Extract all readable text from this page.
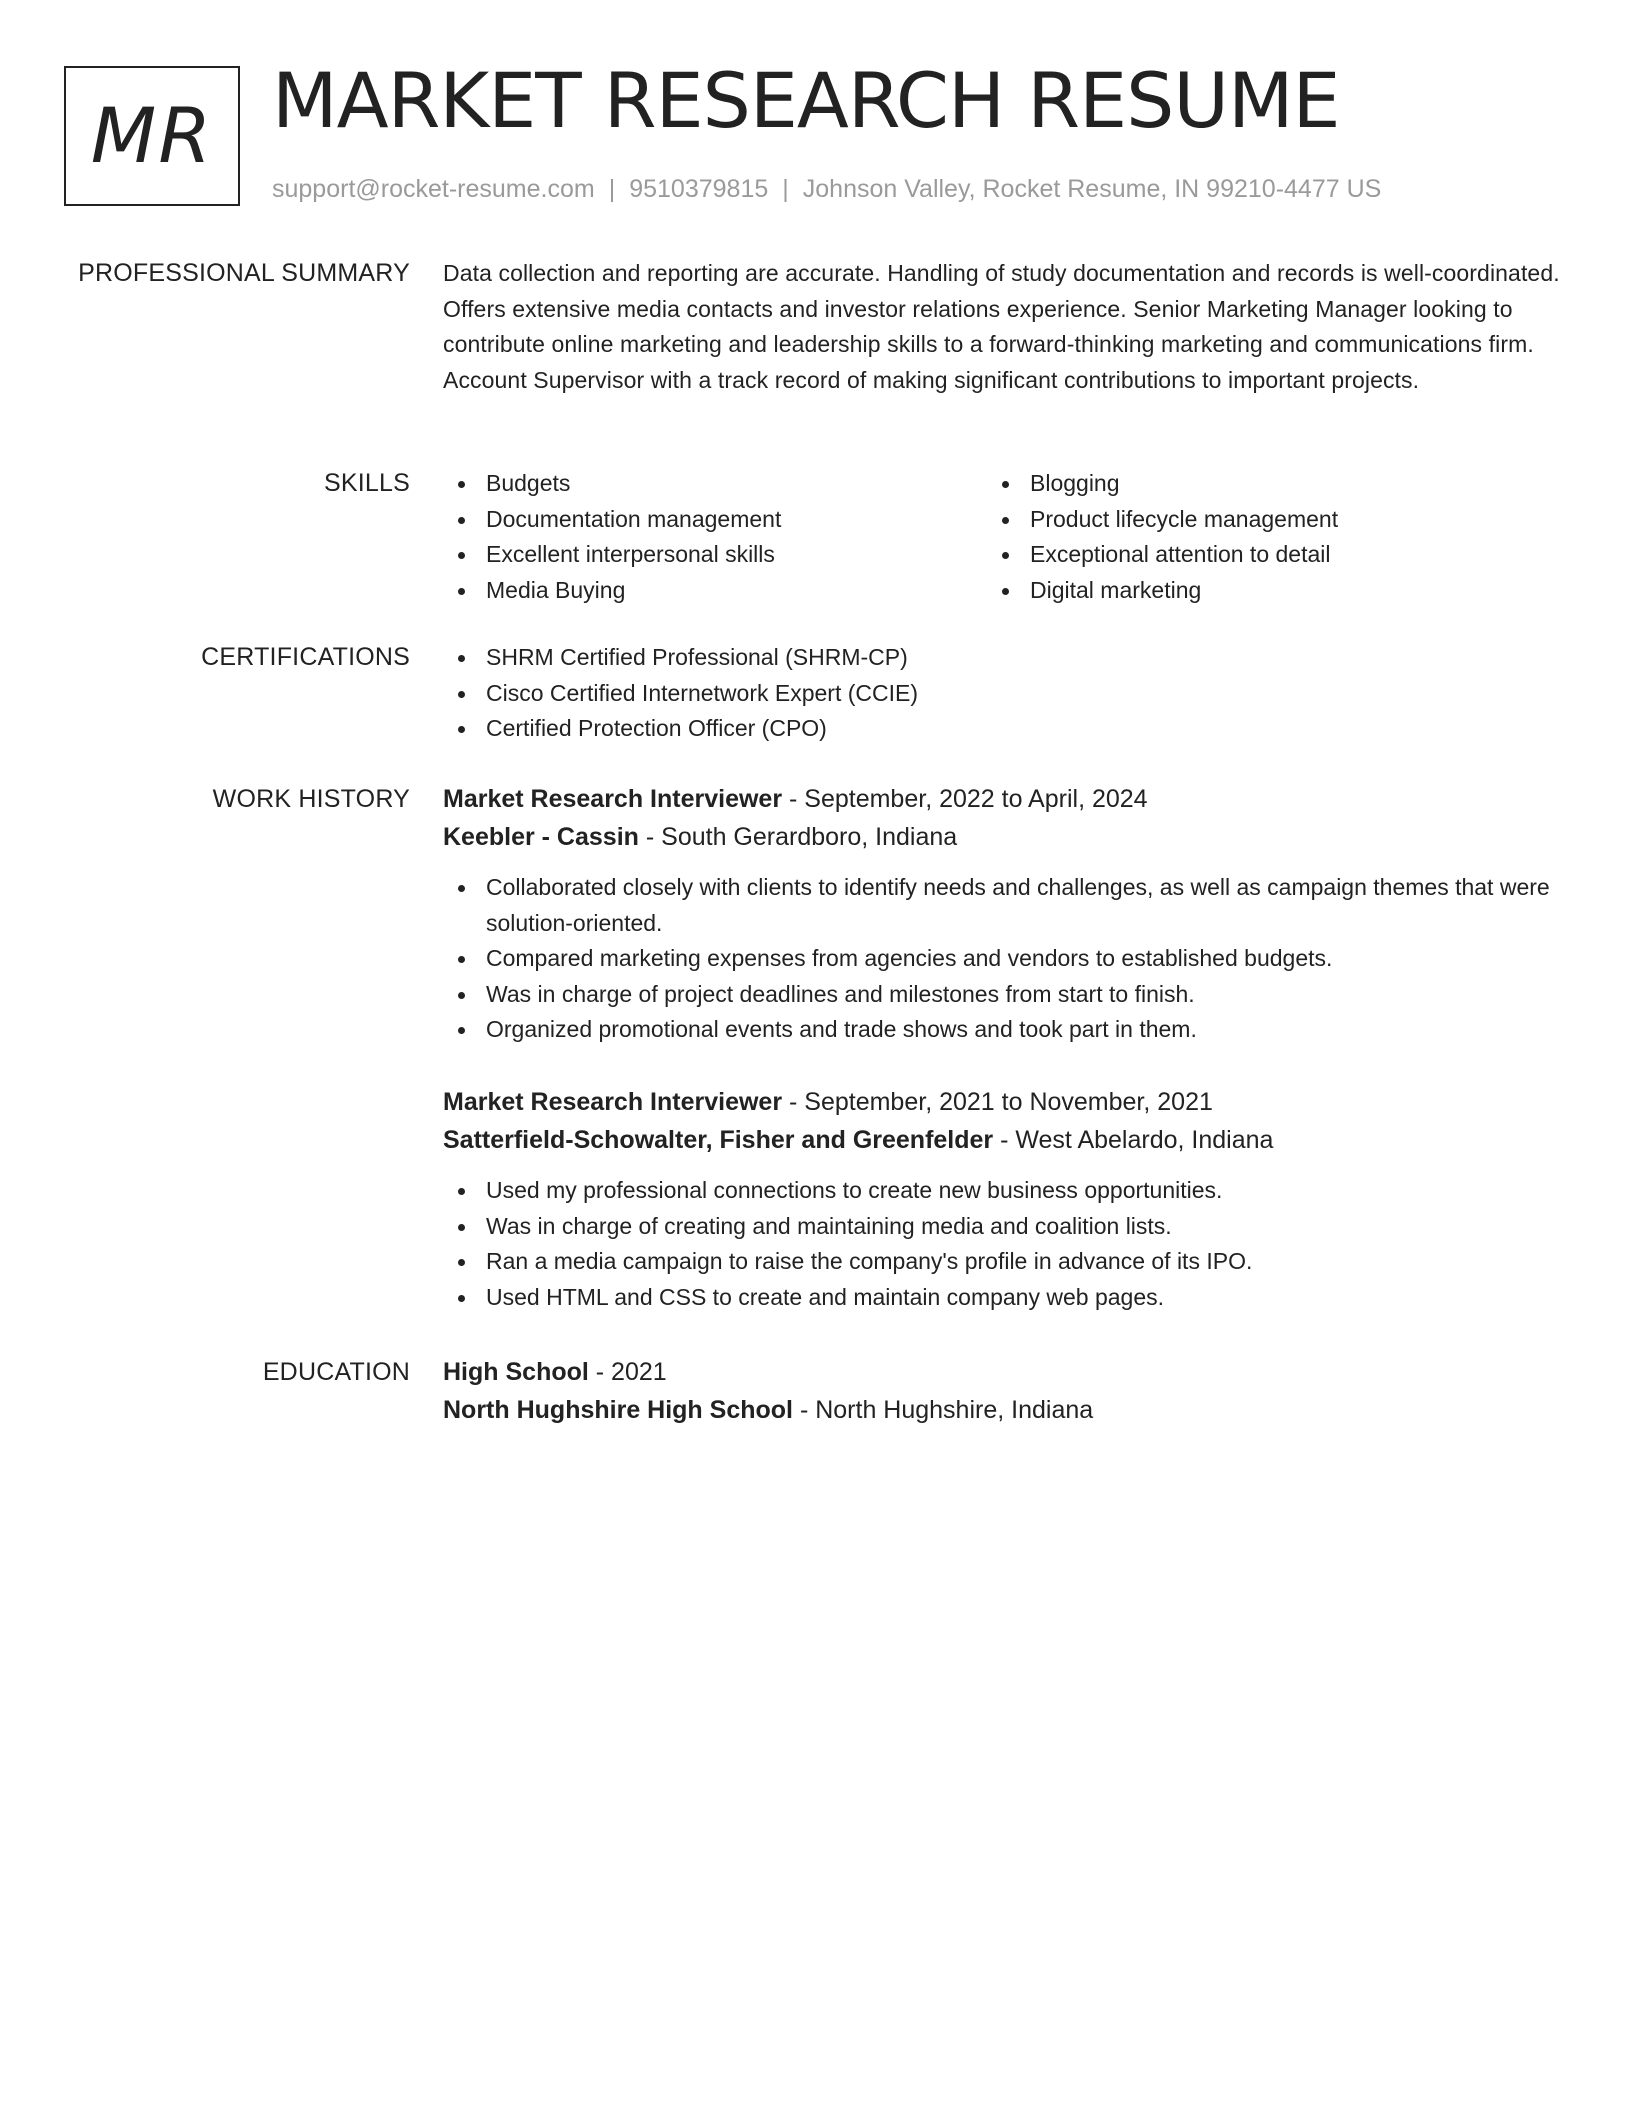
MR MARKET RESEARCH RESUME
support@rocket-resume.com | 9510379815 | Johnson Valley, Rocket Resume, IN 99210-4477 US
PROFESSIONAL SUMMARY Data collection and reporting are accurate. Handling of study documentation and records is well-coordinated. Offers extensive media contacts and investor relations experience. Senior Marketing Manager looking to contribute online marketing and leadership skills to a forward-thinking marketing and communications firm. Account Supervisor with a track record of making significant contributions to important projects.

SKILLS	Budgets
Documentation management
Excellent interpersonal skills
Media Buying
Blogging
Product lifecycle management
Exceptional attention to detail
Digital marketing
CERTIFICATIONS	SHRM Certified Professional (SHRM-CP)
Cisco Certified Internetwork Expert (CCIE)
Certified Protection Officer (CPO)
WORK HISTORY Market Research Interviewer - September, 2022 to April, 2024
Keebler - Cassin - South Gerardboro, Indiana
Collaborated closely with clients to identify needs and challenges, as well as campaign themes that were solution-oriented.
Compared marketing expenses from agencies and vendors to established budgets.
Was in charge of project deadlines and milestones from start to finish.
Organized promotional events and trade shows and took part in them.
Market Research Interviewer - September, 2021 to November, 2021
Satterfield-Schowalter, Fisher and Greenfelder - West Abelardo, Indiana
Used my professional connections to create new business opportunities.
Was in charge of creating and maintaining media and coalition lists.
Ran a media campaign to raise the company's profile in advance of its IPO.
Used HTML and CSS to create and maintain company web pages.
EDUCATION High School - 2021
North Hughshire High School - North Hughshire, Indiana
